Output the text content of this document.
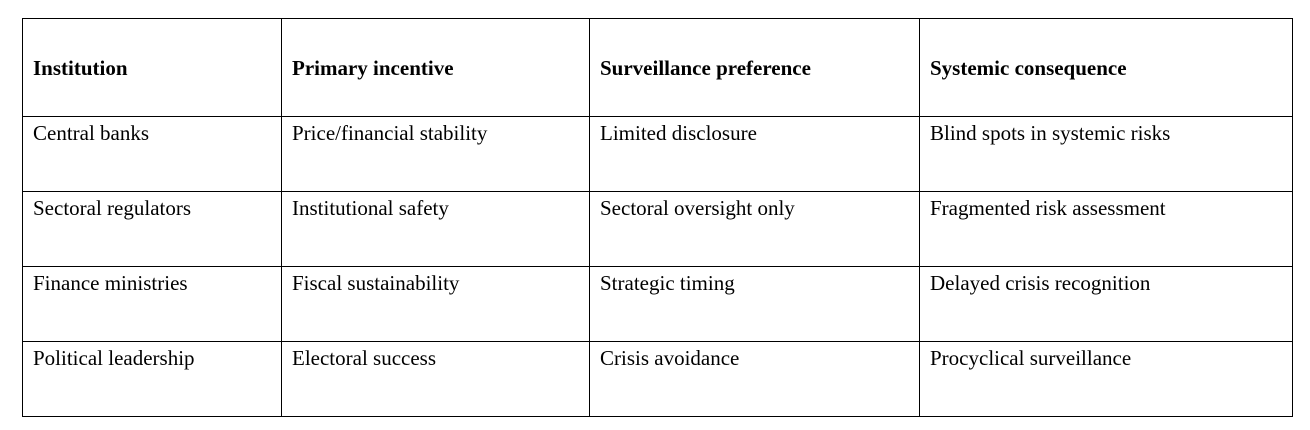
Institution	Primary incentive	Surveillance preference	Systemic consequence
Central banks	Price/financial stability	Limited disclosure	Blind spots in systemic risks
Sectoral regulators	Institutional safety	Sectoral oversight only	Fragmented risk assessment
Finance ministries	Fiscal sustainability	Strategic timing	Delayed crisis recognition
Political leadership	Electoral success	Crisis avoidance	Procyclical surveillance
